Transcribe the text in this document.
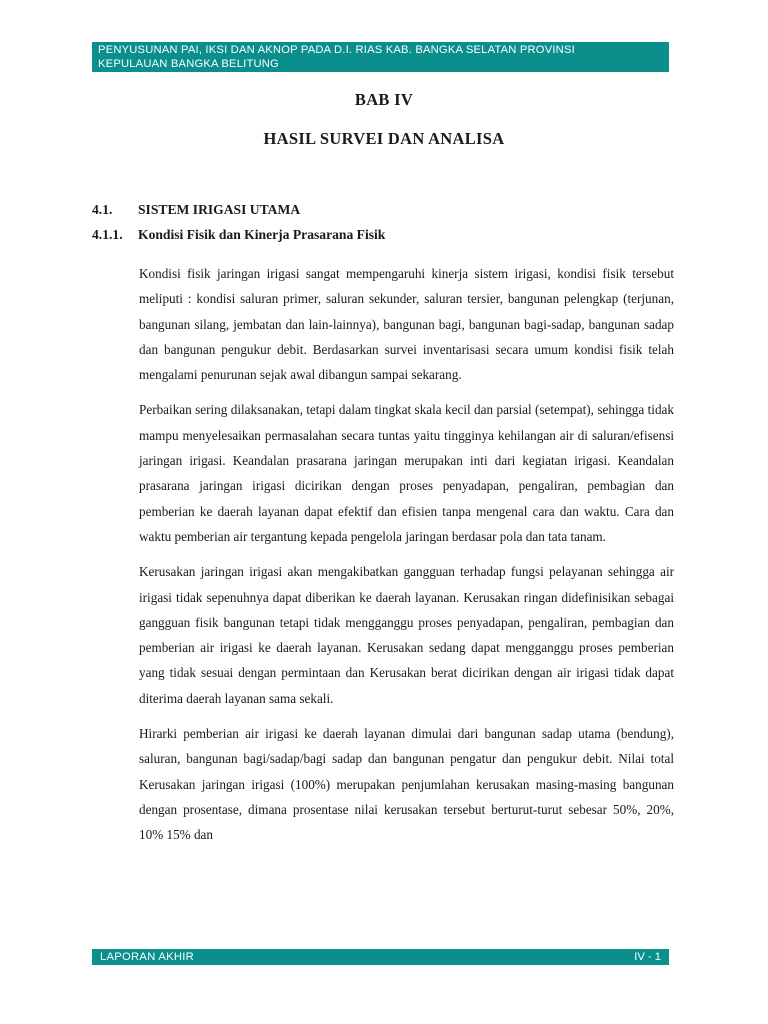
PENYUSUNAN PAI, IKSI DAN AKNOP PADA D.I. RIAS KAB. BANGKA SELATAN PROVINSI
KEPULAUAN BANGKA BELITUNG
BAB IV
HASIL SURVEI DAN ANALISA
4.1. SISTEM IRIGASI UTAMA
4.1.1. Kondisi Fisik dan Kinerja Prasarana Fisik

Kondisi fisik jaringan irigasi sangat mempengaruhi kinerja sistem irigasi, kondisi fisik tersebut meliputi : kondisi saluran primer, saluran sekunder, saluran tersier, bangunan pelengkap (terjunan, bangunan silang, jembatan dan lain-lainnya), bangunan bagi, bangunan bagi-sadap, bangunan sadap dan bangunan pengukur debit. Berdasarkan survei inventarisasi secara umum kondisi fisik telah mengalami penurunan sejak awal dibangun sampai sekarang.

Perbaikan sering dilaksanakan, tetapi dalam tingkat skala kecil dan parsial (setempat), sehingga tidak mampu menyelesaikan permasalahan secara tuntas yaitu tingginya kehilangan air di saluran/efisensi jaringan irigasi. Keandalan prasarana jaringan merupakan inti dari kegiatan irigasi. Keandalan prasarana jaringan irigasi dicirikan dengan proses penyadapan, pengaliran, pembagian dan pemberian ke daerah layanan dapat efektif dan efisien tanpa mengenal cara dan waktu. Cara dan waktu pemberian air tergantung kepada pengelola jaringan berdasar pola dan tata tanam.

Kerusakan jaringan irigasi akan mengakibatkan gangguan terhadap fungsi pelayanan sehingga air irigasi tidak sepenuhnya dapat diberikan ke daerah layanan. Kerusakan ringan didefinisikan sebagai gangguan fisik bangunan tetapi tidak mengganggu proses penyadapan, pengaliran, pembagian dan pemberian air irigasi ke daerah layanan. Kerusakan sedang dapat mengganggu proses pemberian yang tidak sesuai dengan permintaan dan Kerusakan berat dicirikan dengan air irigasi tidak dapat diterima daerah layanan sama sekali.

Hirarki pemberian air irigasi ke daerah layanan dimulai dari bangunan sadap utama (bendung), saluran, bangunan bagi/sadap/bagi sadap dan bangunan pengatur dan pengukur debit. Nilai total Kerusakan jaringan irigasi (100%) merupakan penjumlahan kerusakan masing-masing bangunan dengan prosentase, dimana prosentase nilai kerusakan tersebut berturut-turut sebesar 50%, 20%, 10% 15% dan

LAPORAN AKHIR	IV - 1
